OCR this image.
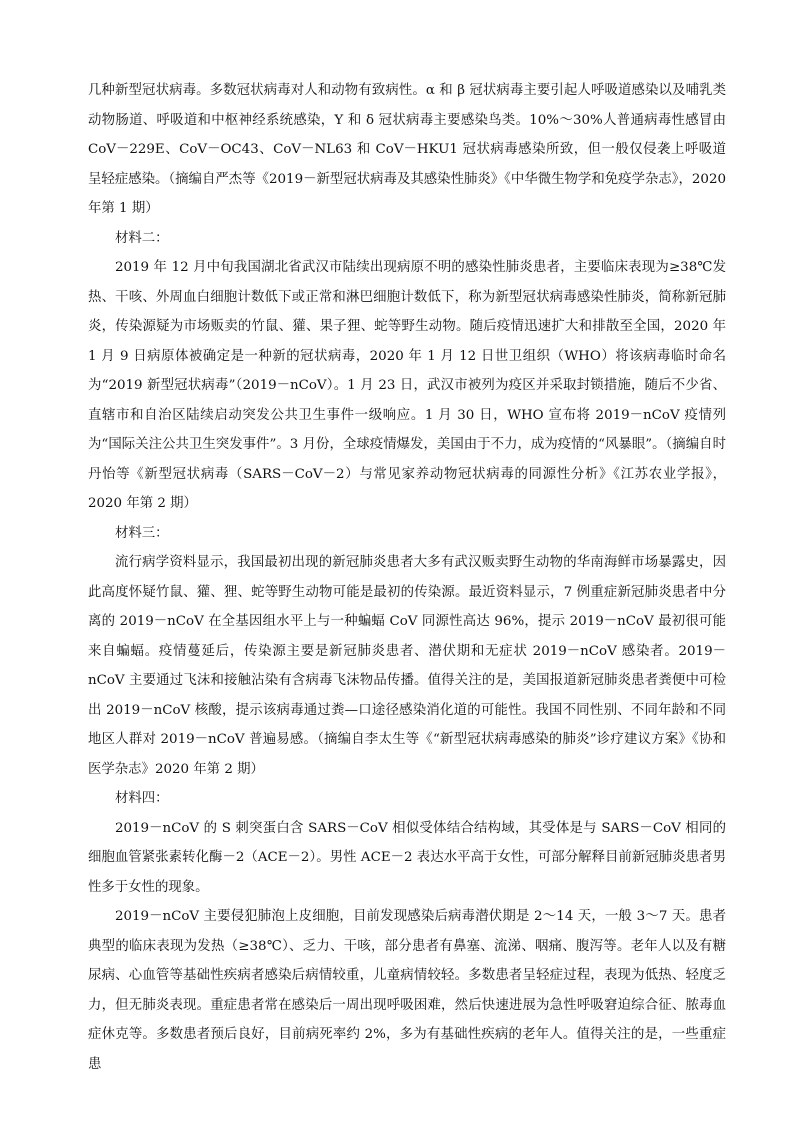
几种新型冠状病毒。多数冠状病毒对人和动物有致病性。α 和 β 冠状病毒主要引起人呼吸道感染以及哺乳类动物肠道、呼吸道和中枢神经系统感染，Y 和 δ 冠状病毒主要感染鸟类。10%～30%人普通病毒性感冒由 CoV－229E、CoV－OC43、CoV－NL63 和 CoV－HKU1 冠状病毒感染所致，但一般仅侵袭上呼吸道呈轻症感染。（摘编自严杰等《2019－新型冠状病毒及其感染性肺炎》《中华微生物学和免疫学杂志》，2020 年第 1 期）

材料二：

2019 年 12 月中旬我国湖北省武汉市陆续出现病原不明的感染性肺炎患者，主要临床表现为≥38℃发热、干咳、外周血白细胞计数低下或正常和淋巴细胞计数低下，称为新型冠状病毒感染性肺炎，简称新冠肺炎，传染源疑为市场贩卖的竹鼠、獾、果子狸、蛇等野生动物。随后疫情迅速扩大和排散至全国，2020 年 1 月 9 日病原体被确定是一种新的冠状病毒，2020 年 1 月 12 日世卫组织（WHO）将该病毒临时命名为“2019 新型冠状病毒”（2019－nCoV）。1 月 23 日，武汉市被列为疫区并采取封锁措施，随后不少省、直辖市和自治区陆续启动突发公共卫生事件一级响应。1 月 30 日，WHO 宣布将 2019－nCoV 疫情列为“国际关注公共卫生突发事件”。3 月份，全球疫情爆发，美国由于不力，成为疫情的“风暴眼”。（摘编自时丹怡等《新型冠状病毒（SARS－CoV－2）与常见家养动物冠状病毒的同源性分析》《江苏农业学报》，2020 年第 2 期）

材料三：

流行病学资料显示，我国最初出现的新冠肺炎患者大多有武汉贩卖野生动物的华南海鲜市场暴露史，因此高度怀疑竹鼠、獾、狸、蛇等野生动物可能是最初的传染源。最近资料显示，7 例重症新冠肺炎患者中分离的 2019－nCoV 在全基因组水平上与一种蝙蝠 CoV 同源性高达 96%，提示 2019－nCoV 最初很可能来自蝙蝠。疫情蔓延后，传染源主要是新冠肺炎患者、潜伏期和无症状 2019－nCoV 感染者。2019－nCoV 主要通过飞沫和接触沾染有含病毒飞沫物品传播。值得关注的是，美国报道新冠肺炎患者粪便中可检出 2019－nCoV 核酸，提示该病毒通过粪—口途径感染消化道的可能性。我国不同性别、不同年龄和不同地区人群对 2019－nCoV 普遍易感。（摘编自李太生等《“新型冠状病毒感染的肺炎”诊疗建议方案》《协和医学杂志》2020 年第 2 期）

材料四：

2019－nCoV 的 S 刺突蛋白含 SARS－CoV 相似受体结合结构域，其受体是与 SARS－CoV 相同的细胞血管紧张素转化酶－2（ACE－2）。男性 ACE－2 表达水平高于女性，可部分解释目前新冠肺炎患者男性多于女性的现象。

2019－nCoV 主要侵犯肺泡上皮细胞，目前发现感染后病毒潜伏期是 2～14 天，一般 3～7 天。患者典型的临床表现为发热（≥38℃）、乏力、干咳，部分患者有鼻塞、流涕、咽痛、腹泻等。老年人以及有糖尿病、心血管等基础性疾病者感染后病情较重，儿童病情较轻。多数患者呈轻症过程，表现为低热、轻度乏力，但无肺炎表现。重症患者常在感染后一周出现呼吸困难，然后快速进展为急性呼吸窘迫综合征、脓毒血症休克等。多数患者预后良好，目前病死率约 2%，多为有基础性疾病的老年人。值得关注的是，一些重症患
